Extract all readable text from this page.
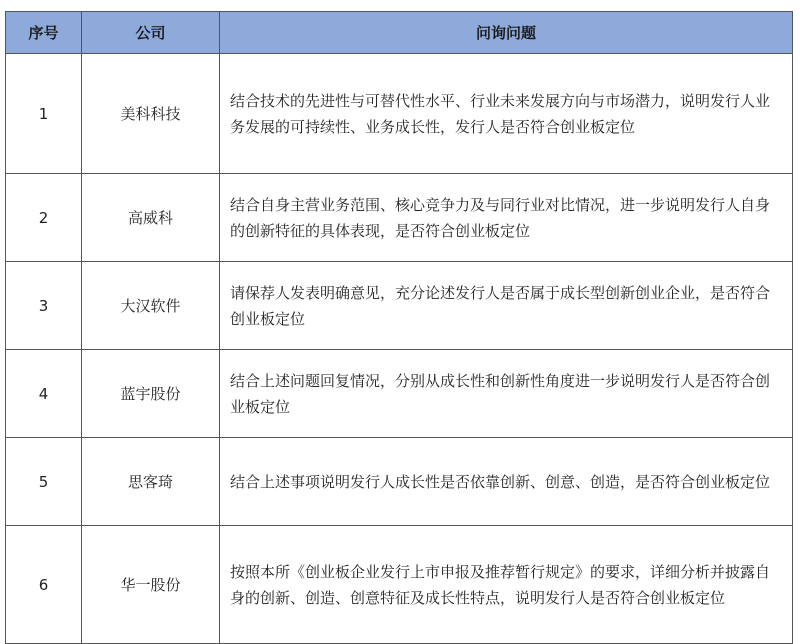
序号	公司	问询问题
1	美科科技	结合技术的先进性与可替代性水平、行业未来发展方向与市场潜力，说明发行人业务发展的可持续性、业务成长性，发行人是否符合创业板定位
2	高威科	结合自身主营业务范围、核心竞争力及与同行业对比情况，进一步说明发行人自身的创新特征的具体表现，是否符合创业板定位
3	大汉软件	请保荐人发表明确意见，充分论述发行人是否属于成长型创新创业企业，是否符合创业板定位
4	蓝宇股份	结合上述问题回复情况，分别从成长性和创新性角度进一步说明发行人是否符合创业板定位
5	思客琦	结合上述事项说明发行人成长性是否依靠创新、创意、创造，是否符合创业板定位
6	华一股份	按照本所《创业板企业发行上市申报及推荐暂行规定》的要求，详细分析并披露自身的创新、创造、创意特征及成长性特点，说明发行人是否符合创业板定位
